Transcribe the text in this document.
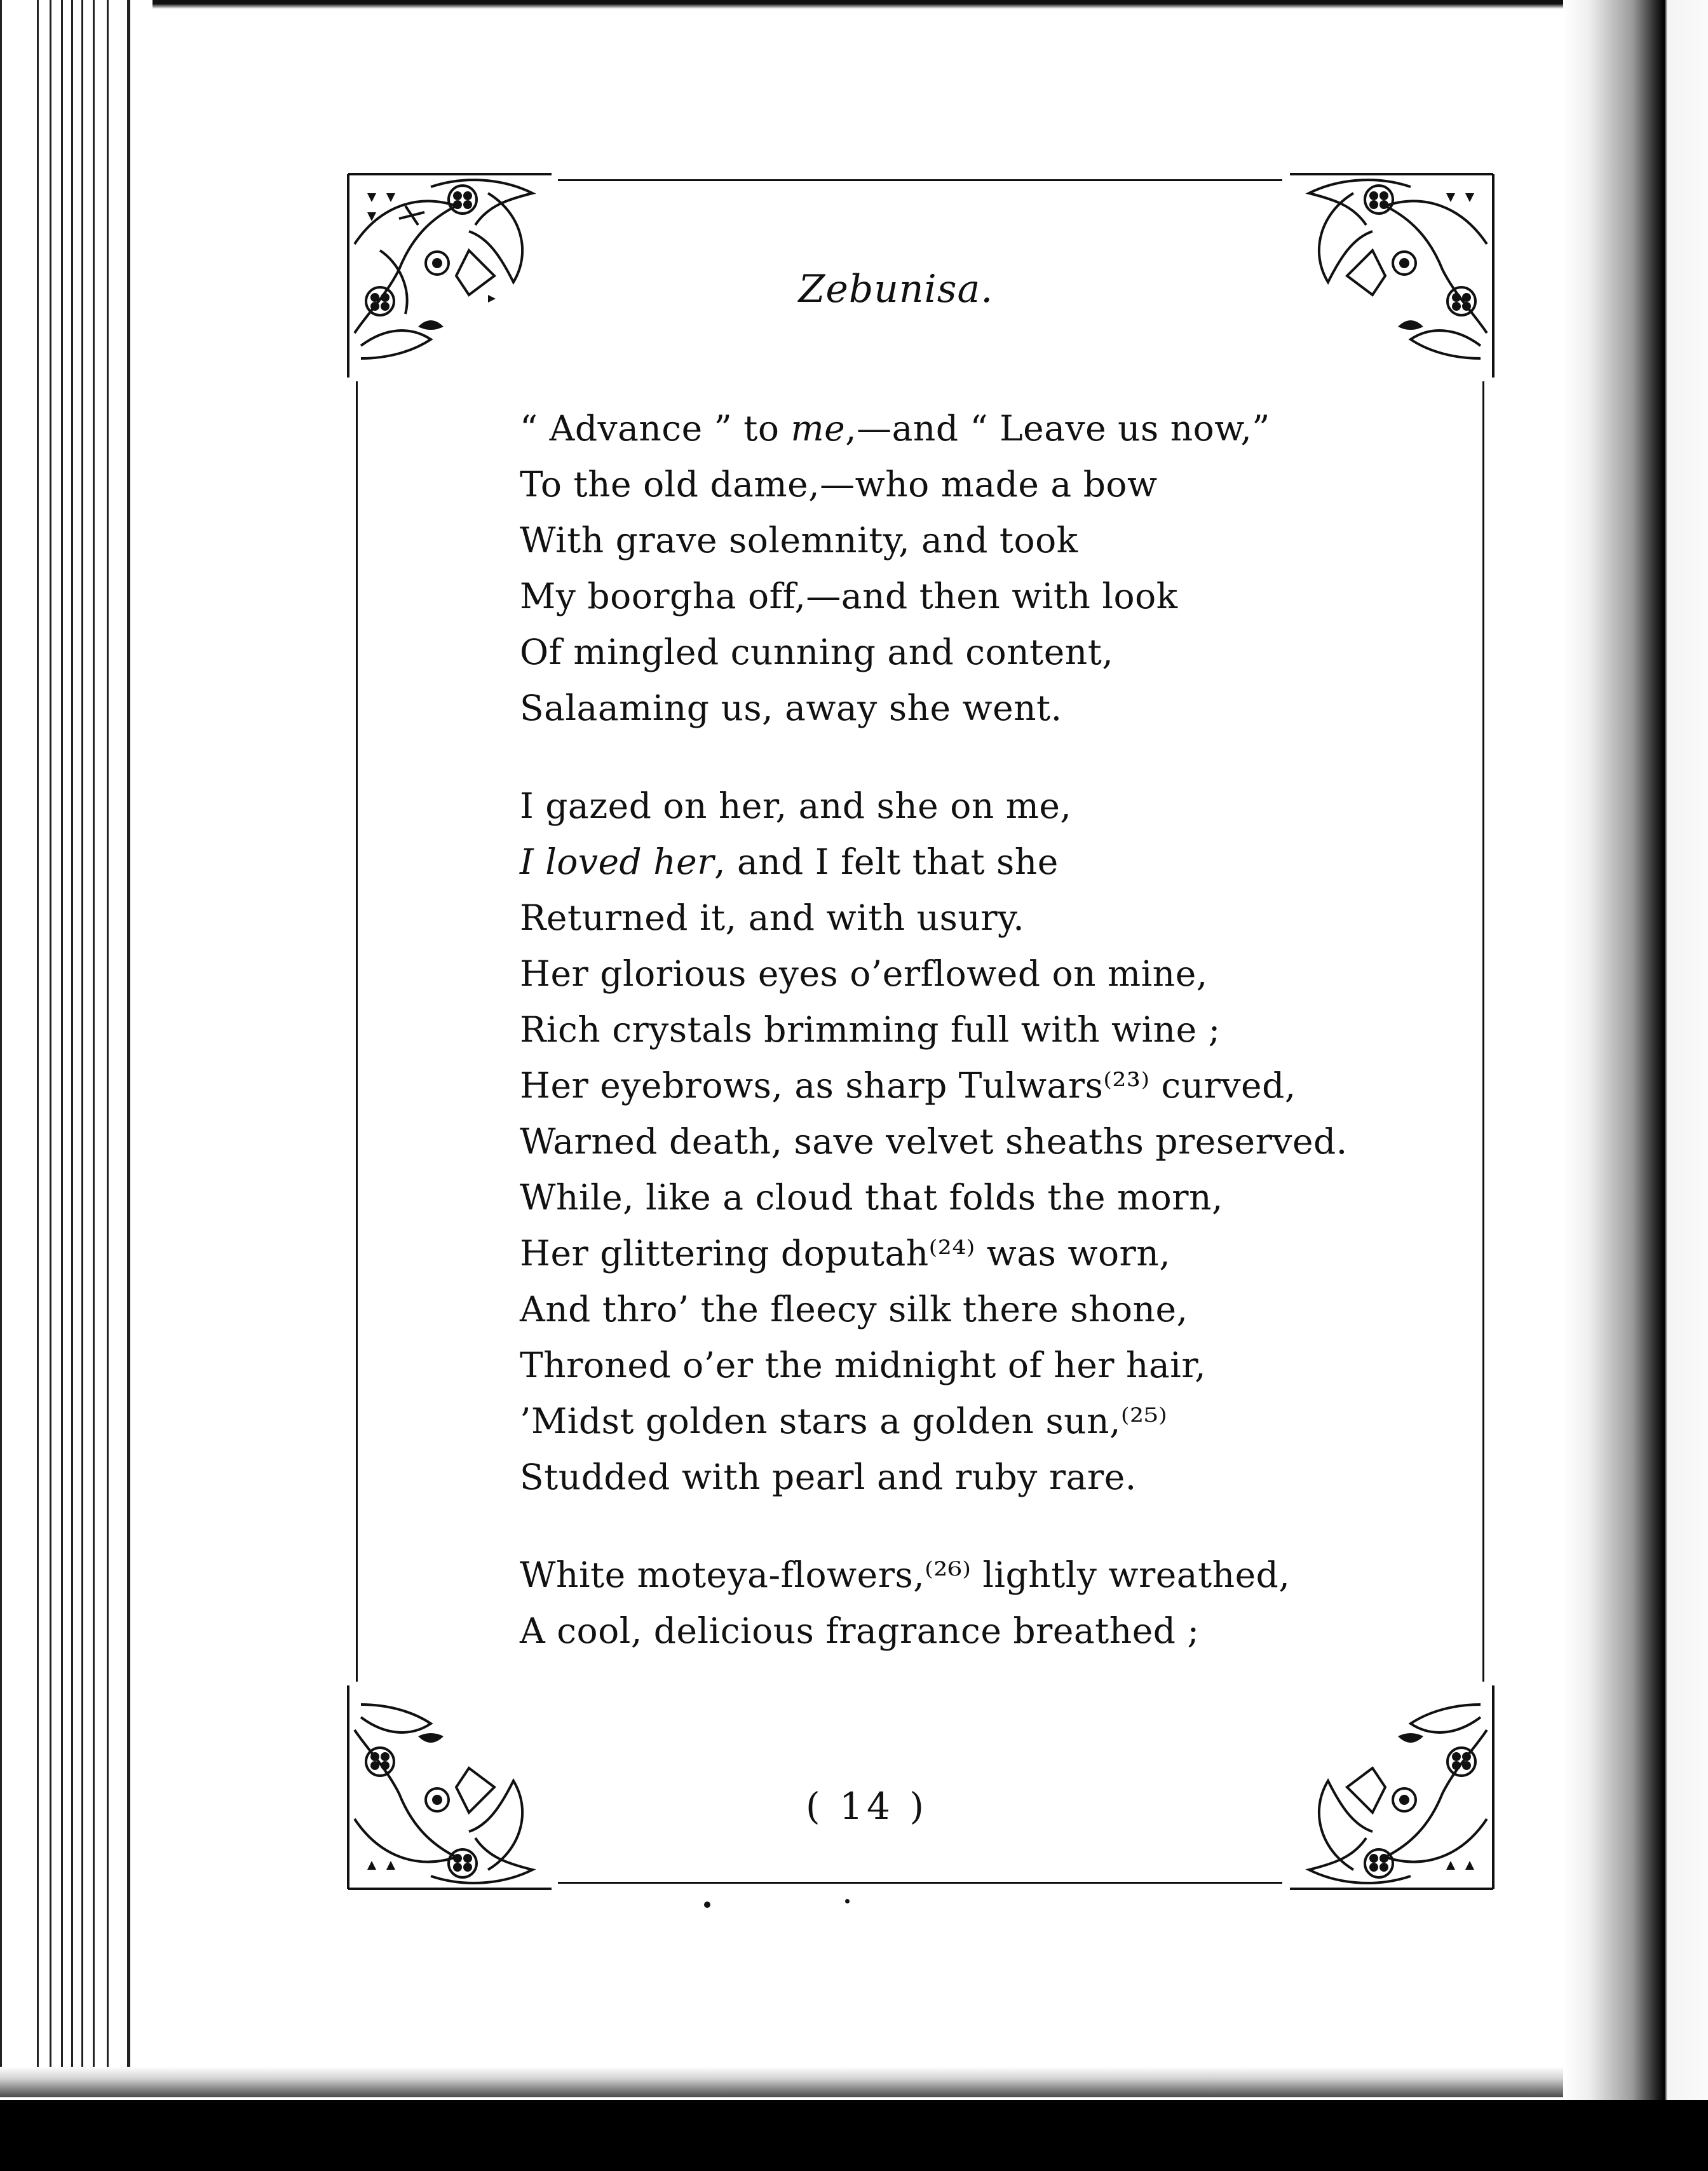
Zebunisa.
“ Advance ” to me,—and “ Leave us now,”
To the old dame,—who made a bow
With grave solemnity, and took
My boorgha off,—and then with look
Of mingled cunning and content,
Salaaming us, away she went.
I gazed on her, and she on me,
I loved her, and I felt that she
Returned it, and with usury.
Her glorious eyes o’erflowed on mine,
Rich crystals brimming full with wine ;
Her eyebrows, as sharp Tulwars⁽²³⁾ curved,
Warned death, save velvet sheaths preserved.
While, like a cloud that folds the morn,
Her glittering doputah⁽²⁴⁾ was worn,
And thro’ the fleecy silk there shone,
Throned o’er the midnight of her hair,
’Midst golden stars a golden sun,⁽²⁵⁾
Studded with pearl and ruby rare.
White moteya-flowers,⁽²⁶⁾ lightly wreathed,
A cool, delicious fragrance breathed ;
( 14 )
